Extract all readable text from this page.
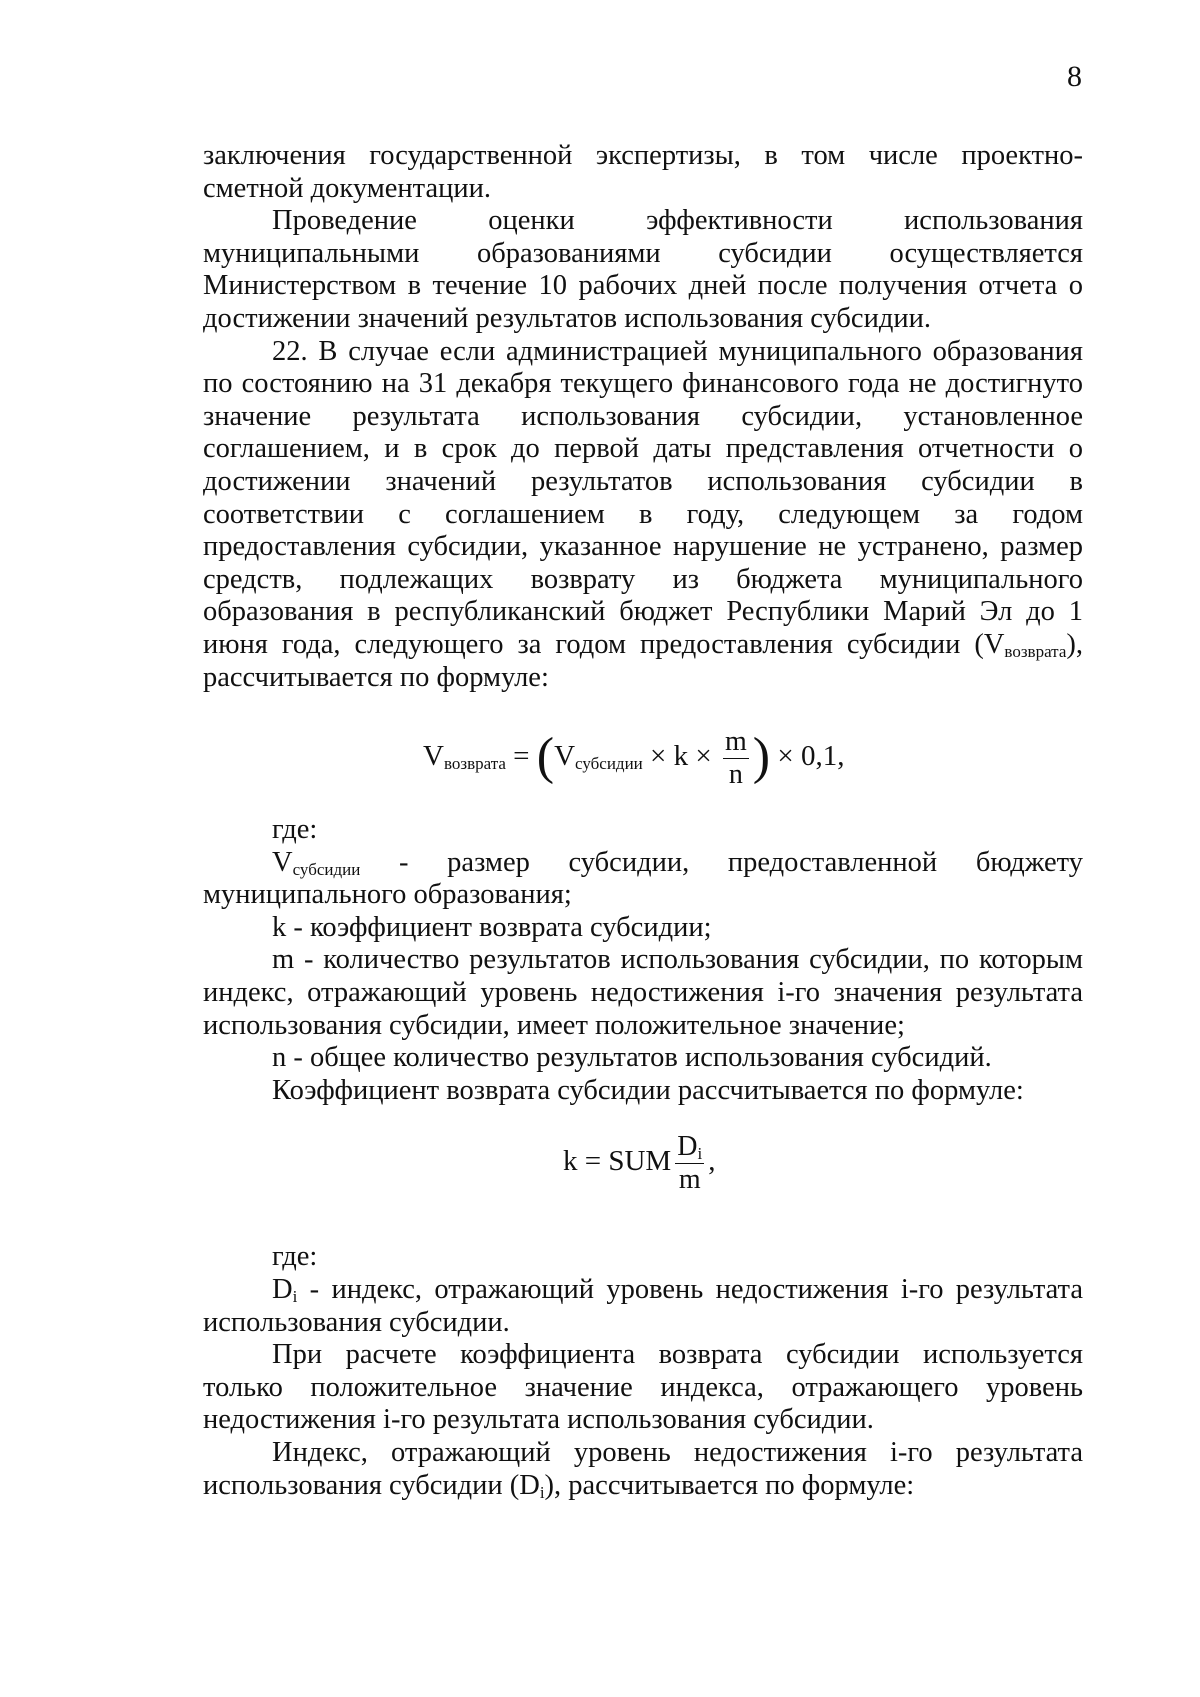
8

заключения государственной экспертизы, в том числе проектно-сметной документации.

Проведение оценки эффективности использования муниципальными образованиями субсидии осуществляется Министерством в течение 10 рабочих дней после получения отчета о достижении значений результатов использования субсидии.

22. В случае если администрацией муниципального образования по состоянию на 31 декабря текущего финансового года не достигнуто значение результата использования субсидии, установленное соглашением, и в срок до первой даты представления отчетности о достижении значений результатов использования субсидии в соответствии с соглашением в году, следующем за годом предоставления субсидии, указанное нарушение не устранено, размер средств, подлежащих возврату из бюджета муниципального образования в республиканский бюджет Республики Марий Эл до 1 июня года, следующего за годом предоставления субсидии $(V_{возврата})$, рассчитывается по формуле:

$V_{возврата} = (V_{субсидии} \times k \times \frac{m}{n}$ ) × 0,1,

где:

$V_{субсидии}$ - размер субсидии, предоставленной бюджету муниципального образования;

k - коэффициент возврата субсидии;

m - количество результатов использования субсидии, по которым индекс, отражающий уровень недостижения i-го значения результата использования субсидии, имеет положительное значение;

n - общее количество результатов использования субсидий.

Коэффициент возврата субсидии рассчитывается по формуле:

k = SUM $\frac{D_i}{m}$ ,

где:

$D_i$ - индекс, отражающий уровень недостижения i-го результата использования субсидии.

При расчете коэффициента возврата субсидии используется только положительное значение индекса, отражающего уровень недостижения i-го результата использования субсидии.

Индекс, отражающий уровень недостижения i-го результата использования субсидии $(D_i)$, рассчитывается по формуле:
